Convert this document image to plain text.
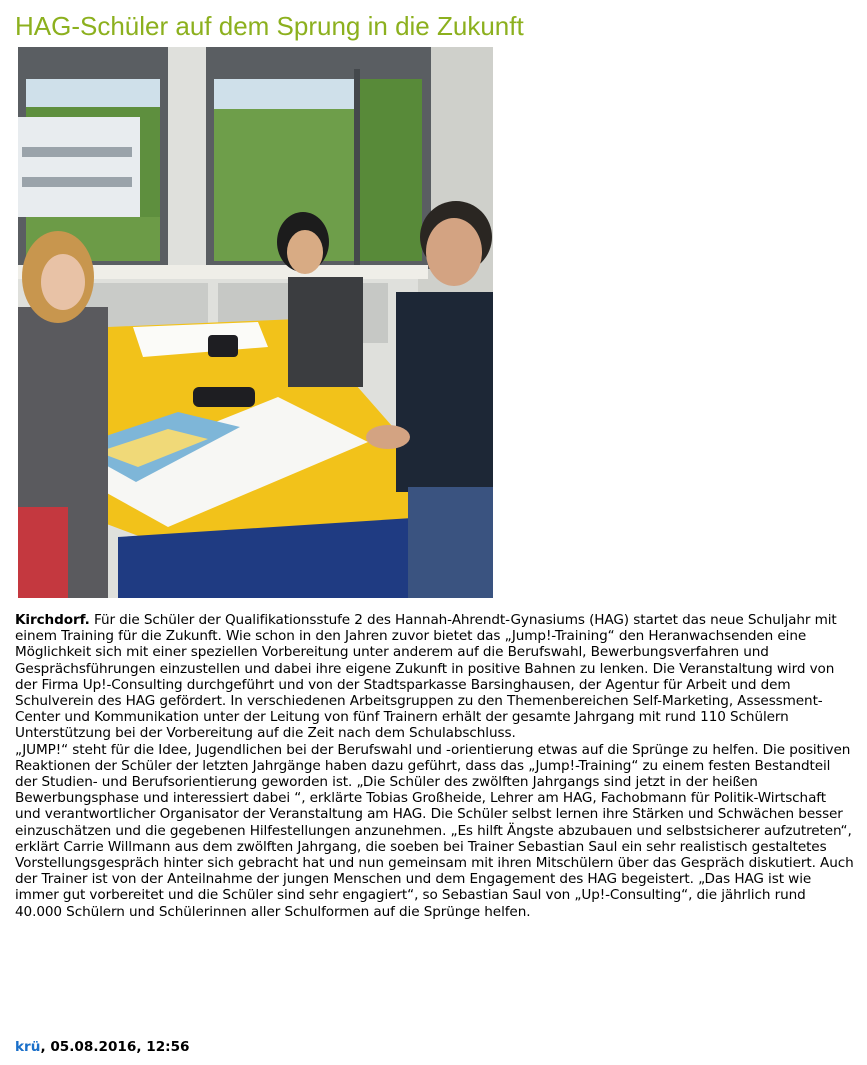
HAG-Schüler auf dem Sprung in die Zukunft

Kirchdorf. Für die Schüler der Qualifikationsstufe 2 des Hannah-Ahrendt-Gynasiums (HAG) startet das neue Schuljahr mit einem Training für die Zukunft. Wie schon in den Jahren zuvor bietet das „Jump!-Training“ den Heranwachsenden eine Möglichkeit sich mit einer speziellen Vorbereitung unter anderem auf die Berufswahl, Bewerbungsverfahren und Gesprächsführungen einzustellen und dabei ihre eigene Zukunft in positive Bahnen zu lenken. Die Veranstaltung wird von der Firma Up!-Consulting durchgeführt und von der Stadtsparkasse Barsinghausen, der Agentur für Arbeit und dem Schulverein des HAG gefördert. In verschiedenen Arbeitsgruppen zu den Themenbereichen Self-Marketing, Assessment-Center und Kommunikation unter der Leitung von fünf Trainern erhält der gesamte Jahrgang mit rund 110 Schülern Unterstützung bei der Vorbereitung auf die Zeit nach dem Schulabschluss.

„JUMP!“ steht für die Idee, Jugendlichen bei der Berufswahl und -orientierung etwas auf die Sprünge zu helfen. Die positiven Reaktionen der Schüler der letzten Jahrgänge haben dazu geführt, dass das „Jump!-Training“ zu einem festen Bestandteil der Studien- und Berufsorientierung geworden ist. „Die Schüler des zwölften Jahrgangs sind jetzt in der heißen Bewerbungsphase und interessiert dabei “, erklärte Tobias Großheide, Lehrer am HAG, Fachobmann für Politik-Wirtschaft und verantwortlicher Organisator der Veranstaltung am HAG. Die Schüler selbst lernen ihre Stärken und Schwächen besser einzuschätzen und die gegebenen Hilfestellungen anzunehmen. „Es hilft Ängste abzubauen und selbstsicherer aufzutreten“, erklärt Carrie Willmann aus dem zwölften Jahrgang, die soeben bei Trainer Sebastian Saul ein sehr realistisch gestaltetes Vorstellungsgespräch hinter sich gebracht hat und nun gemeinsam mit ihren Mitschülern über das Gespräch diskutiert. Auch der Trainer ist von der Anteilnahme der jungen Menschen und dem Engagement des HAG begeistert. „Das HAG ist wie immer gut vorbereitet und die Schüler sind sehr engagiert“, so Sebastian Saul von „Up!-Consulting“, die jährlich rund 40.000 Schülern und Schülerinnen aller Schulformen auf die Sprünge helfen.

krü, 05.08.2016, 12:56
